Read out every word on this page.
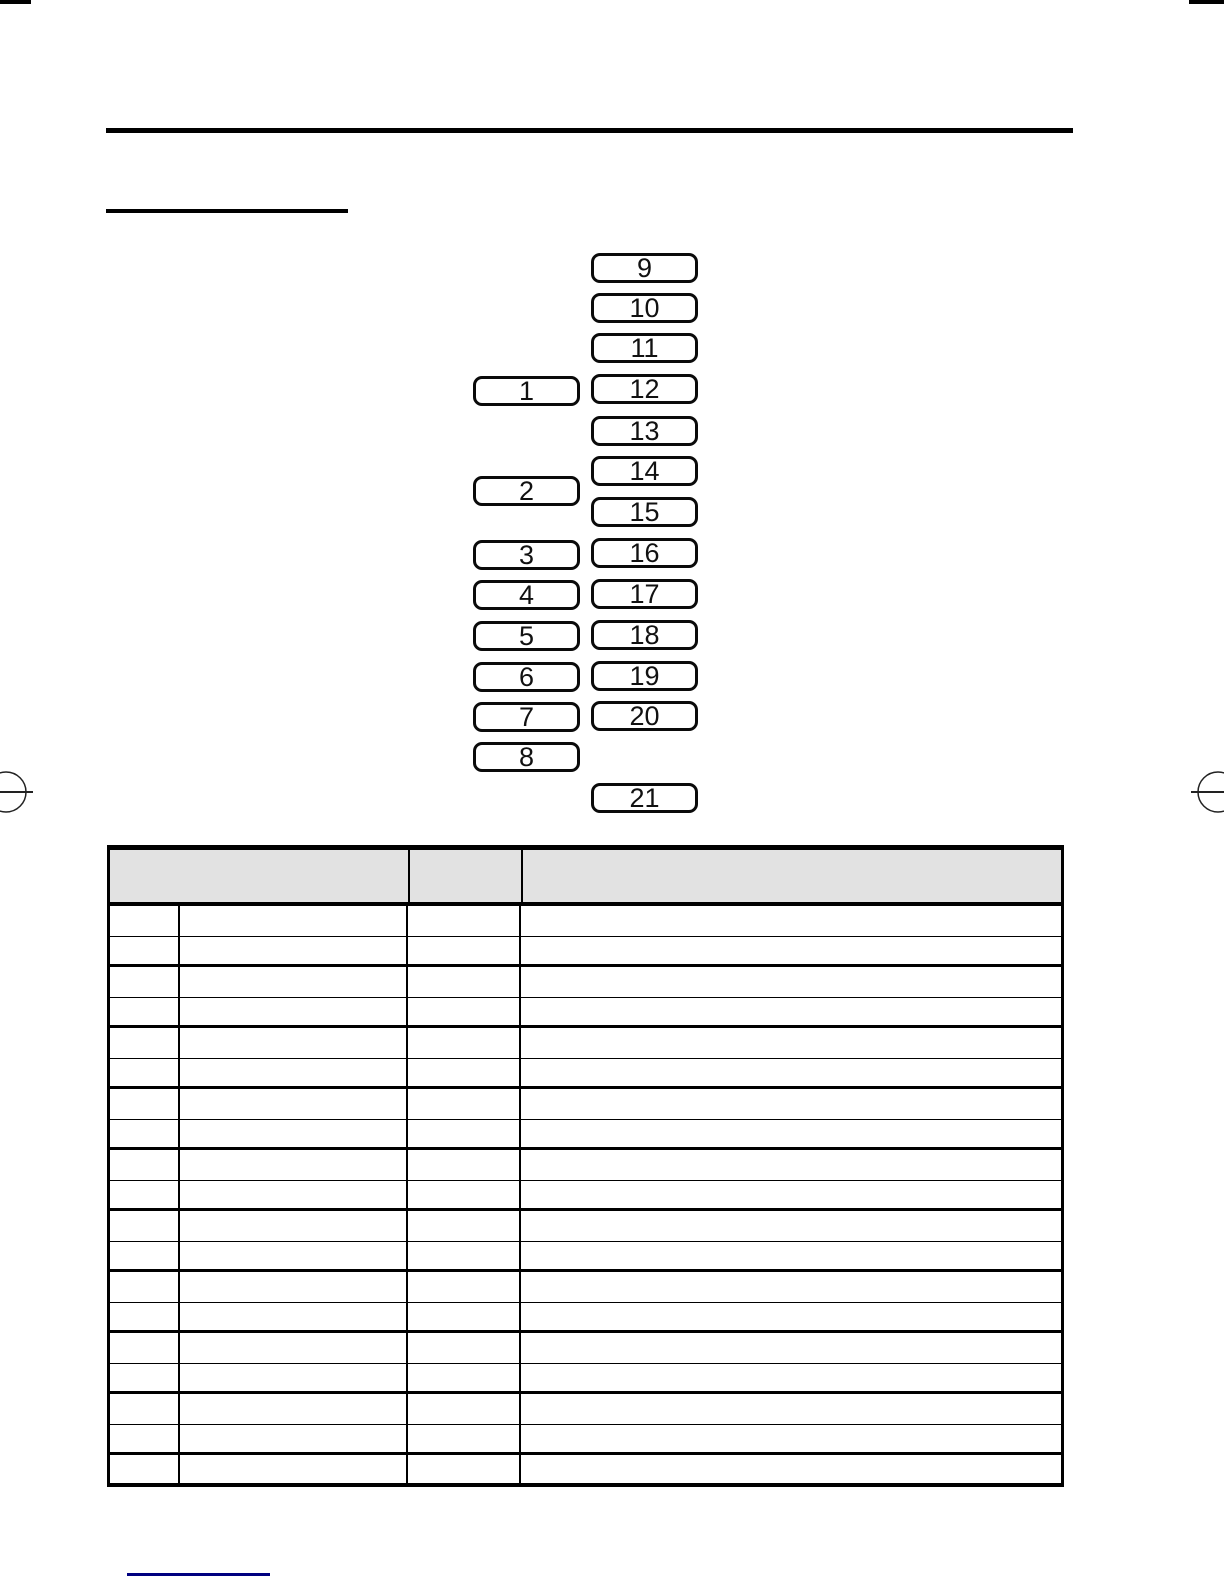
1
2
3
4
5
6
7
8
9
10
11
12
13
14
15
16
17
18
19
20
21
